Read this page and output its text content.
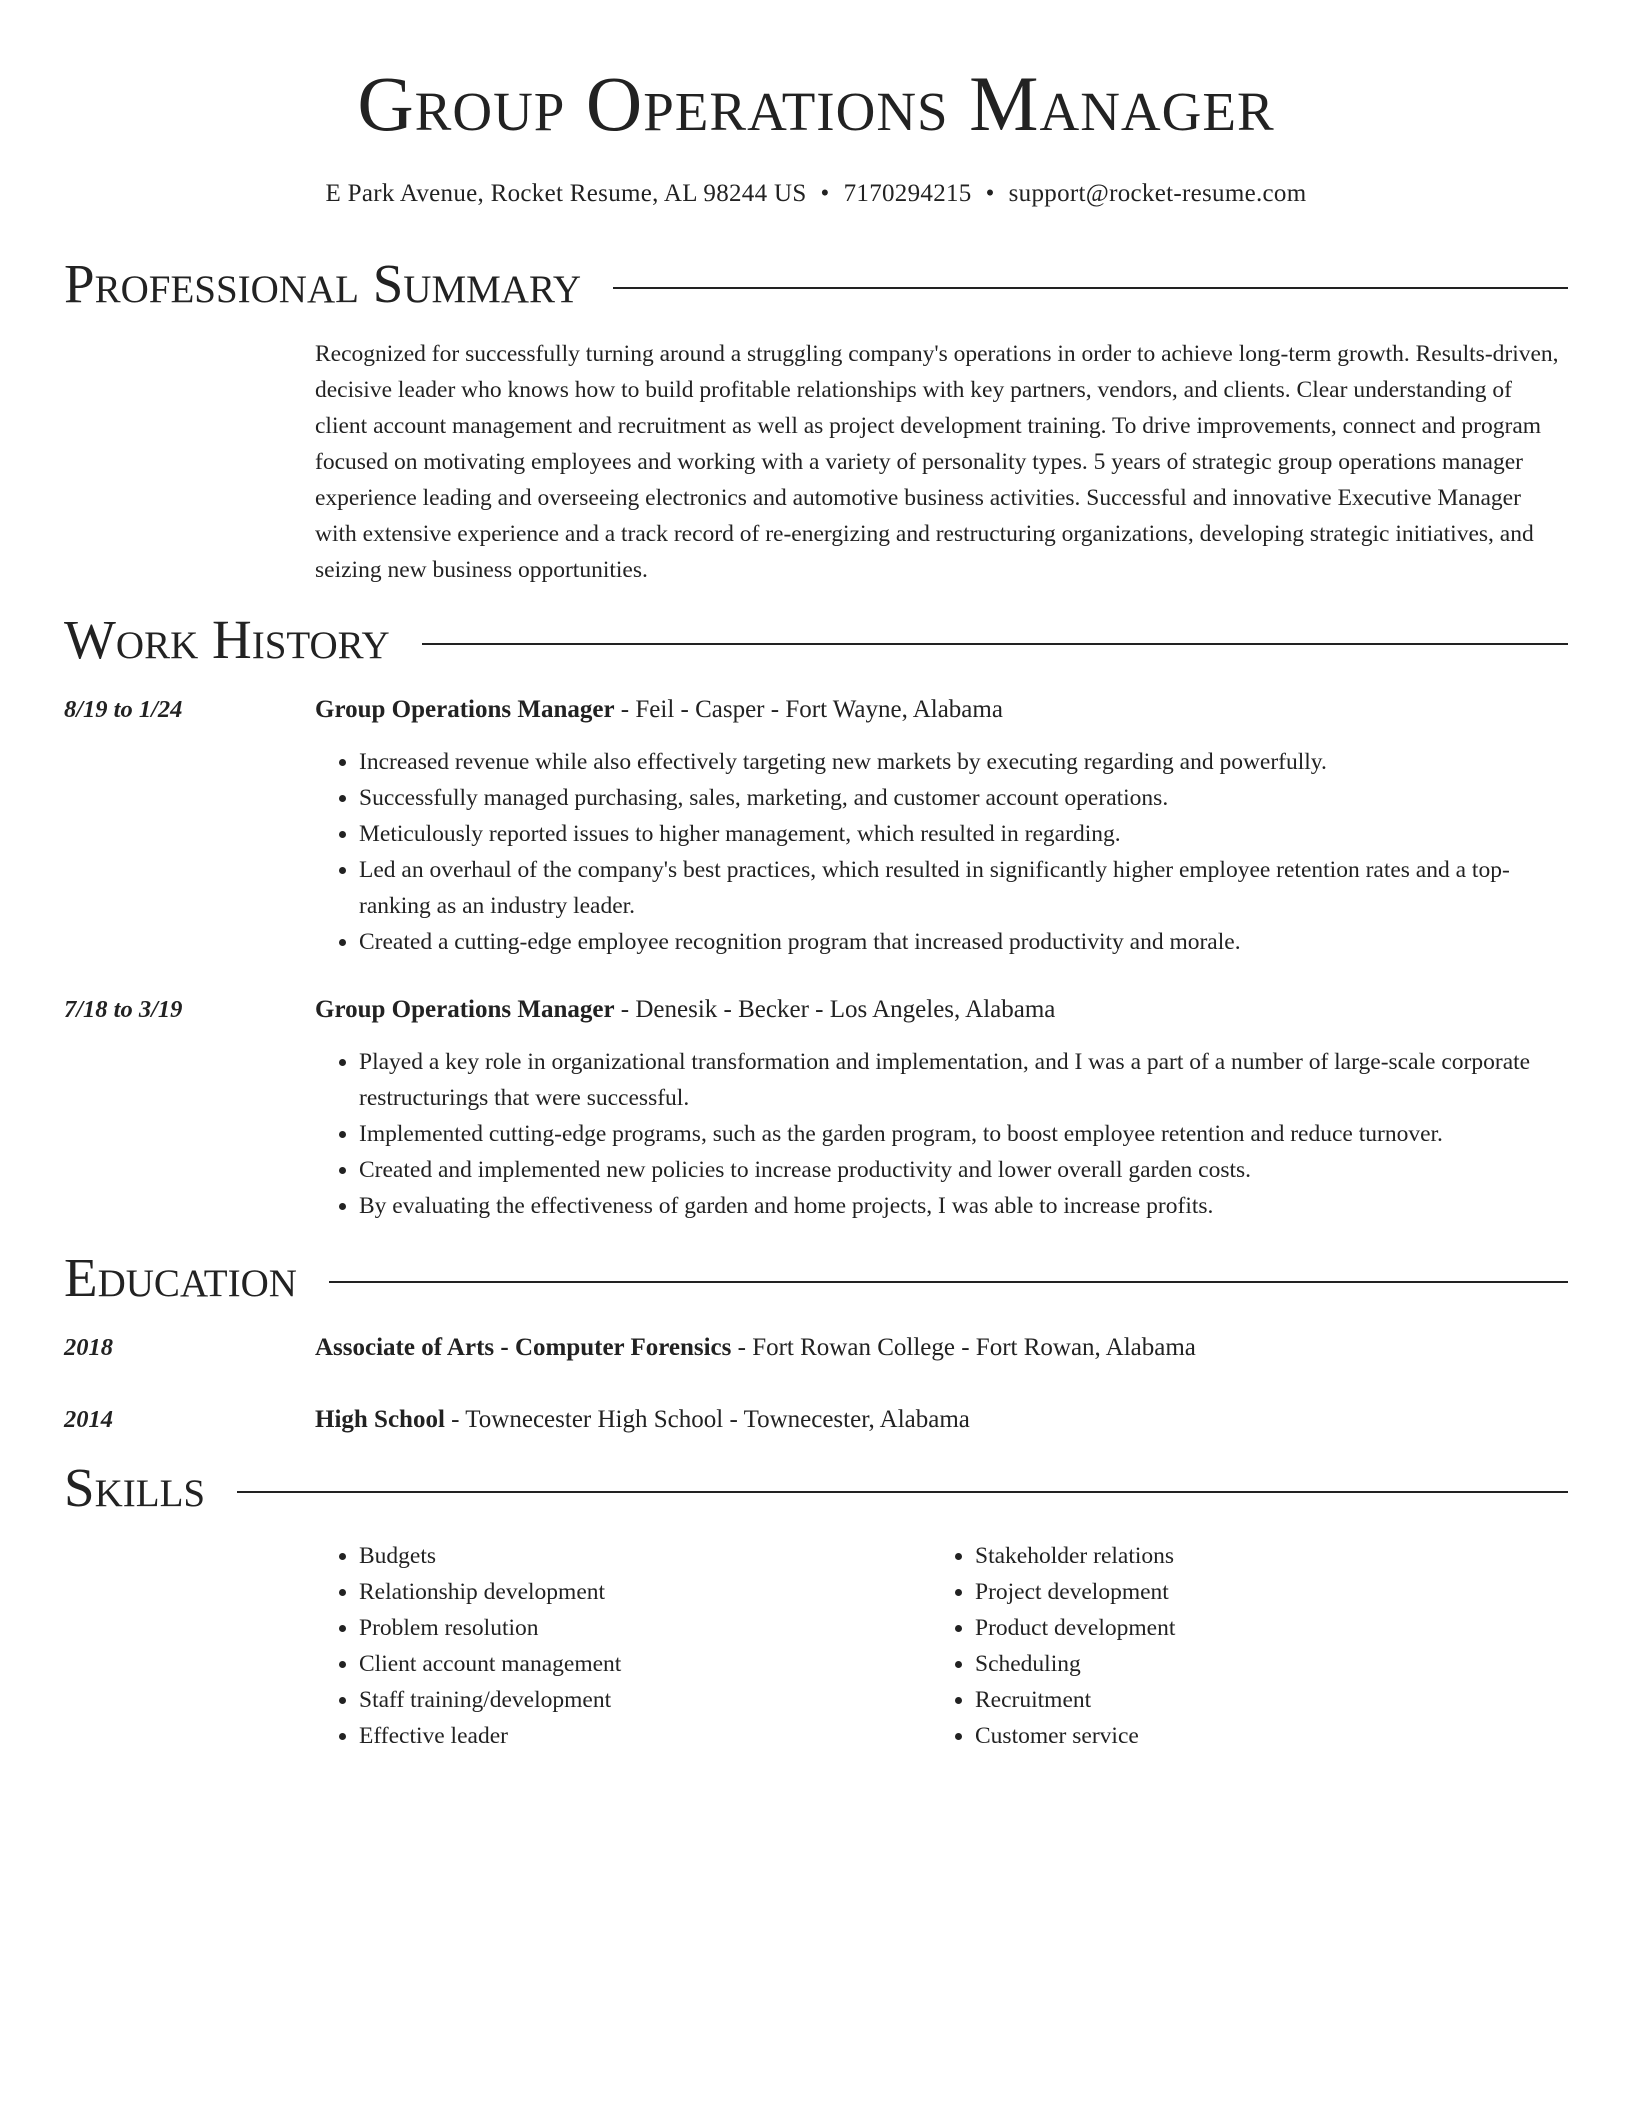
Group Operations Manager
E Park Avenue, Rocket Resume, AL 98244 US • 7170294215 • support@rocket-resume.com
Professional Summary
Recognized for successfully turning around a struggling company's operations in order to achieve long-term growth. Results-driven, decisive leader who knows how to build profitable relationships with key partners, vendors, and clients. Clear understanding of client account management and recruitment as well as project development training. To drive improvements, connect and program focused on motivating employees and working with a variety of personality types. 5 years of strategic group operations manager experience leading and overseeing electronics and automotive business activities. Successful and innovative Executive Manager with extensive experience and a track record of re-energizing and restructuring organizations, developing strategic initiatives, and seizing new business opportunities.
Work History
8/19 to 1/24	Group Operations Manager - Feil - Casper - Fort Wayne, Alabama
• Increased revenue while also effectively targeting new markets by executing regarding and powerfully.
• Successfully managed purchasing, sales, marketing, and customer account operations.
• Meticulously reported issues to higher management, which resulted in regarding.
• Led an overhaul of the company's best practices, which resulted in significantly higher employee retention rates and a top-ranking as an industry leader.
• Created a cutting-edge employee recognition program that increased productivity and morale.
7/18 to 3/19	Group Operations Manager - Denesik - Becker - Los Angeles, Alabama
• Played a key role in organizational transformation and implementation, and I was a part of a number of large-scale corporate restructurings that were successful.
• Implemented cutting-edge programs, such as the garden program, to boost employee retention and reduce turnover.
• Created and implemented new policies to increase productivity and lower overall garden costs.
• By evaluating the effectiveness of garden and home projects, I was able to increase profits.
Education
2018	Associate of Arts - Computer Forensics - Fort Rowan College - Fort Rowan, Alabama
2014	High School - Townecester High School - Townecester, Alabama
Skills
• Budgets
• Relationship development
• Problem resolution
• Client account management
• Staff training/development
• Effective leader
• Stakeholder relations
• Project development
• Product development
• Scheduling
• Recruitment
• Customer service
